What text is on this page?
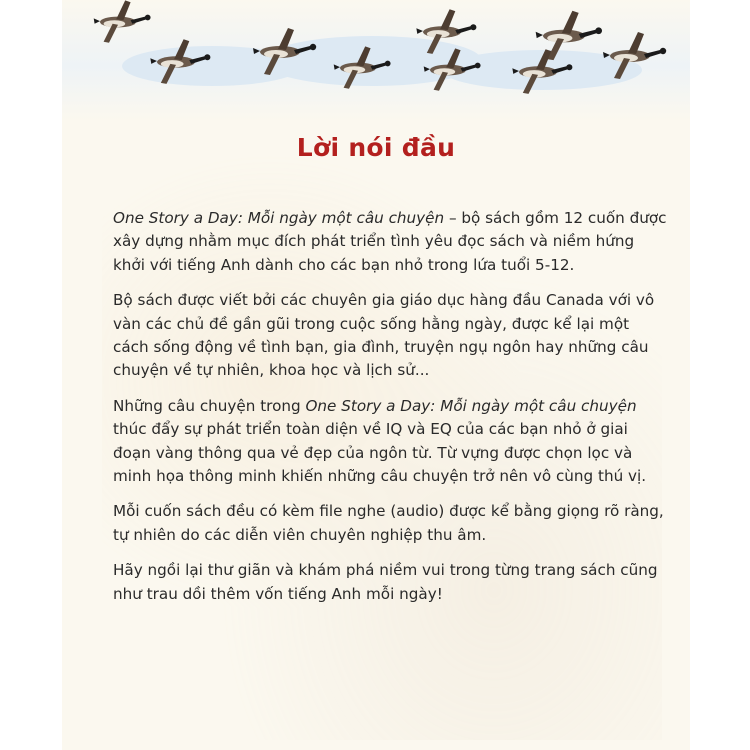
Lời nói đầu

One Story a Day: Mỗi ngày một câu chuyện – bộ sách gồm 12 cuốn được xây dựng nhằm mục đích phát triển tình yêu đọc sách và niềm hứng khởi với tiếng Anh dành cho các bạn nhỏ trong lứa tuổi 5-12.

Bộ sách được viết bởi các chuyên gia giáo dục hàng đầu Canada với vô vàn các chủ đề gần gũi trong cuộc sống hằng ngày, được kể lại một cách sống động về tình bạn, gia đình, truyện ngụ ngôn hay những câu chuyện về tự nhiên, khoa học và lịch sử...

Những câu chuyện trong One Story a Day: Mỗi ngày một câu chuyện thúc đẩy sự phát triển toàn diện về IQ và EQ của các bạn nhỏ ở giai đoạn vàng thông qua vẻ đẹp của ngôn từ. Từ vựng được chọn lọc và minh họa thông minh khiến những câu chuyện trở nên vô cùng thú vị.

Mỗi cuốn sách đều có kèm file nghe (audio) được kể bằng giọng rõ ràng, tự nhiên do các diễn viên chuyên nghiệp thu âm.

Hãy ngồi lại thư giãn và khám phá niềm vui trong từng trang sách cũng như trau dồi thêm vốn tiếng Anh mỗi ngày!
